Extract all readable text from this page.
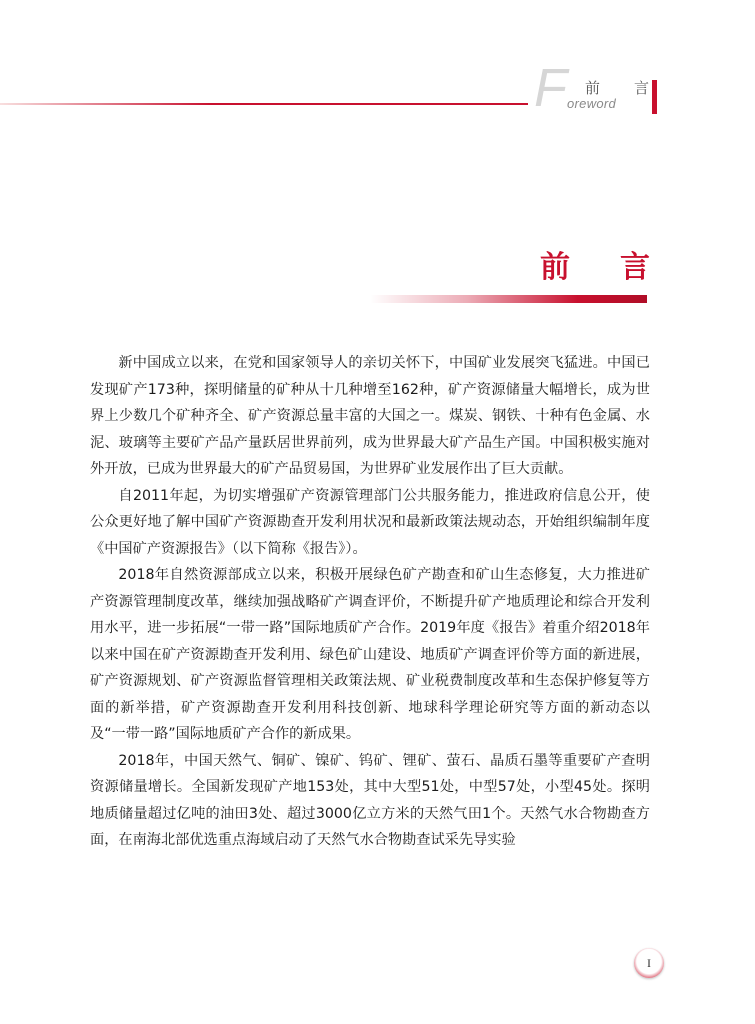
F oreword
前 言
前 言

新中国成立以来，在党和国家领导人的亲切关怀下，中国矿业发展突飞猛进。中国已发现矿产173种，探明储量的矿种从十几种增至162种，矿产资源储量大幅增长，成为世界上少数几个矿种齐全、矿产资源总量丰富的大国之一。煤炭、钢铁、十种有色金属、水泥、玻璃等主要矿产品产量跃居世界前列，成为世界最大矿产品生产国。中国积极实施对外开放，已成为世界最大的矿产品贸易国，为世界矿业发展作出了巨大贡献。

自2011年起，为切实增强矿产资源管理部门公共服务能力，推进政府信息公开，使公众更好地了解中国矿产资源勘查开发利用状况和最新政策法规动态，开始组织编制年度《中国矿产资源报告》（以下简称《报告》）。

2018年自然资源部成立以来，积极开展绿色矿产勘查和矿山生态修复，大力推进矿产资源管理制度改革，继续加强战略矿产调查评价，不断提升矿产地质理论和综合开发利用水平，进一步拓展“一带一路”国际地质矿产合作。2019年度《报告》着重介绍2018年以来中国在矿产资源勘查开发利用、绿色矿山建设、地质矿产调查评价等方面的新进展，矿产资源规划、矿产资源监督管理相关政策法规、矿业税费制度改革和生态保护修复等方面的新举措，矿产资源勘查开发利用科技创新、地球科学理论研究等方面的新动态以及“一带一路”国际地质矿产合作的新成果。

2018年，中国天然气、铜矿、镍矿、钨矿、锂矿、萤石、晶质石墨等重要矿产查明资源储量增长。全国新发现矿产地153处，其中大型51处，中型57处，小型45处。探明地质储量超过亿吨的油田3处、超过3000亿立方米的天然气田1个。天然气水合物勘查方面，在南海北部优选重点海域启动了天然气水合物勘查试采先导实验

I
